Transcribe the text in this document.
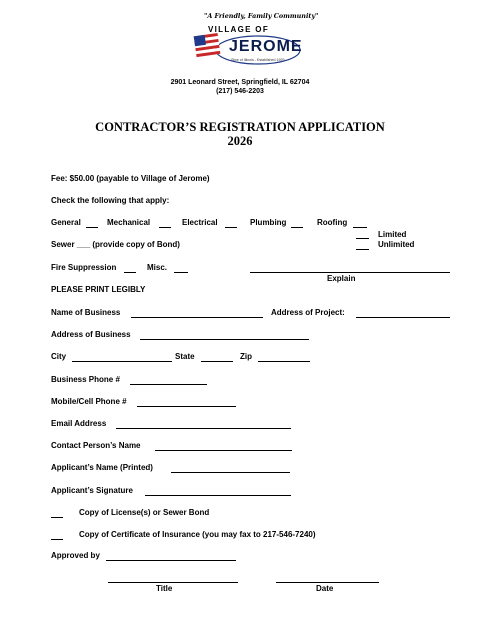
"A Friendly, Family Community"
VILLAGE OF
JEROME
Slice of Illinois - Established 1929
2901 Leonard Street, Springfield, IL 62704
(217) 546-2203
CONTRACTOR’S REGISTRATION APPLICATION
2026
Fee: $50.00 (payable to Village of Jerome)
Check the following that apply:
General	Mechanical	Electrical	Plumbing	Roofing
Limited
Sewer ___ (provide copy of Bond)	Unlimited
Fire Suppression	Misc.
Explain
PLEASE PRINT LEGIBLY
Name of Business	Address of Project:
Address of Business
City	State	Zip
Business Phone #
Mobile/Cell Phone #
Email Address
Contact Person’s Name
Applicant’s Name (Printed)
Applicant’s Signature
Copy of License(s) or Sewer Bond
Copy of Certificate of Insurance (you may fax to 217-546-7240)
Approved by
Title	Date
